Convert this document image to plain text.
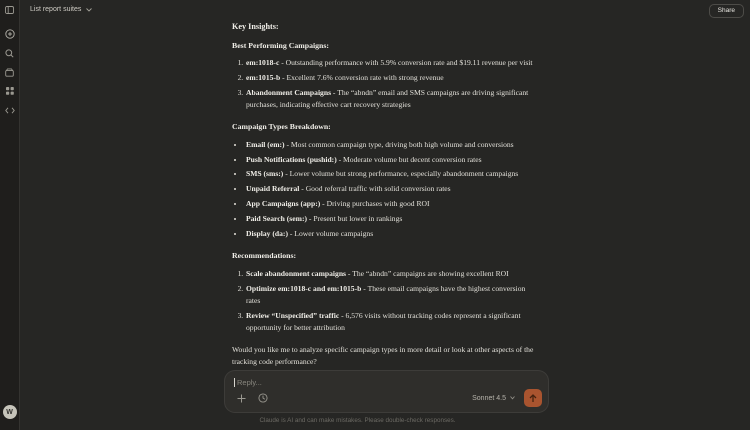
W
List report suites	Share
Key Insights:
Best Performing Campaigns:
1. em:1018-c - Outstanding performance with 5.9% conversion rate and $19.11 revenue per visit
2. em:1015-b - Excellent 7.6% conversion rate with strong revenue
3. Abandonment Campaigns - The “abndn” email and SMS campaigns are driving significant purchases, indicating effective cart recovery strategies
Campaign Types Breakdown:
• Email (em:) - Most common campaign type, driving both high volume and conversions
• Push Notifications (pushid:) - Moderate volume but decent conversion rates
• SMS (sms:) - Lower volume but strong performance, especially abandonment campaigns
• Unpaid Referral - Good referral traffic with solid conversion rates
• App Campaigns (app:) - Driving purchases with good ROI
• Paid Search (sem:) - Present but lower in rankings
• Display (da:) - Lower volume campaigns
Recommendations:
1. Scale abandonment campaigns - The “abndn” campaigns are showing excellent ROI
2. Optimize em:1018-c and em:1015-b - These email campaigns have the highest conversion rates
3. Review “Unspecified” traffic - 6,576 visits without tracking codes represent a significant opportunity for better attribution

Would you like me to analyze specific campaign types in more detail or look at other aspects of the tracking code performance?

Reply...
Sonnet 4.5
Claude is AI and can make mistakes. Please double-check responses.
